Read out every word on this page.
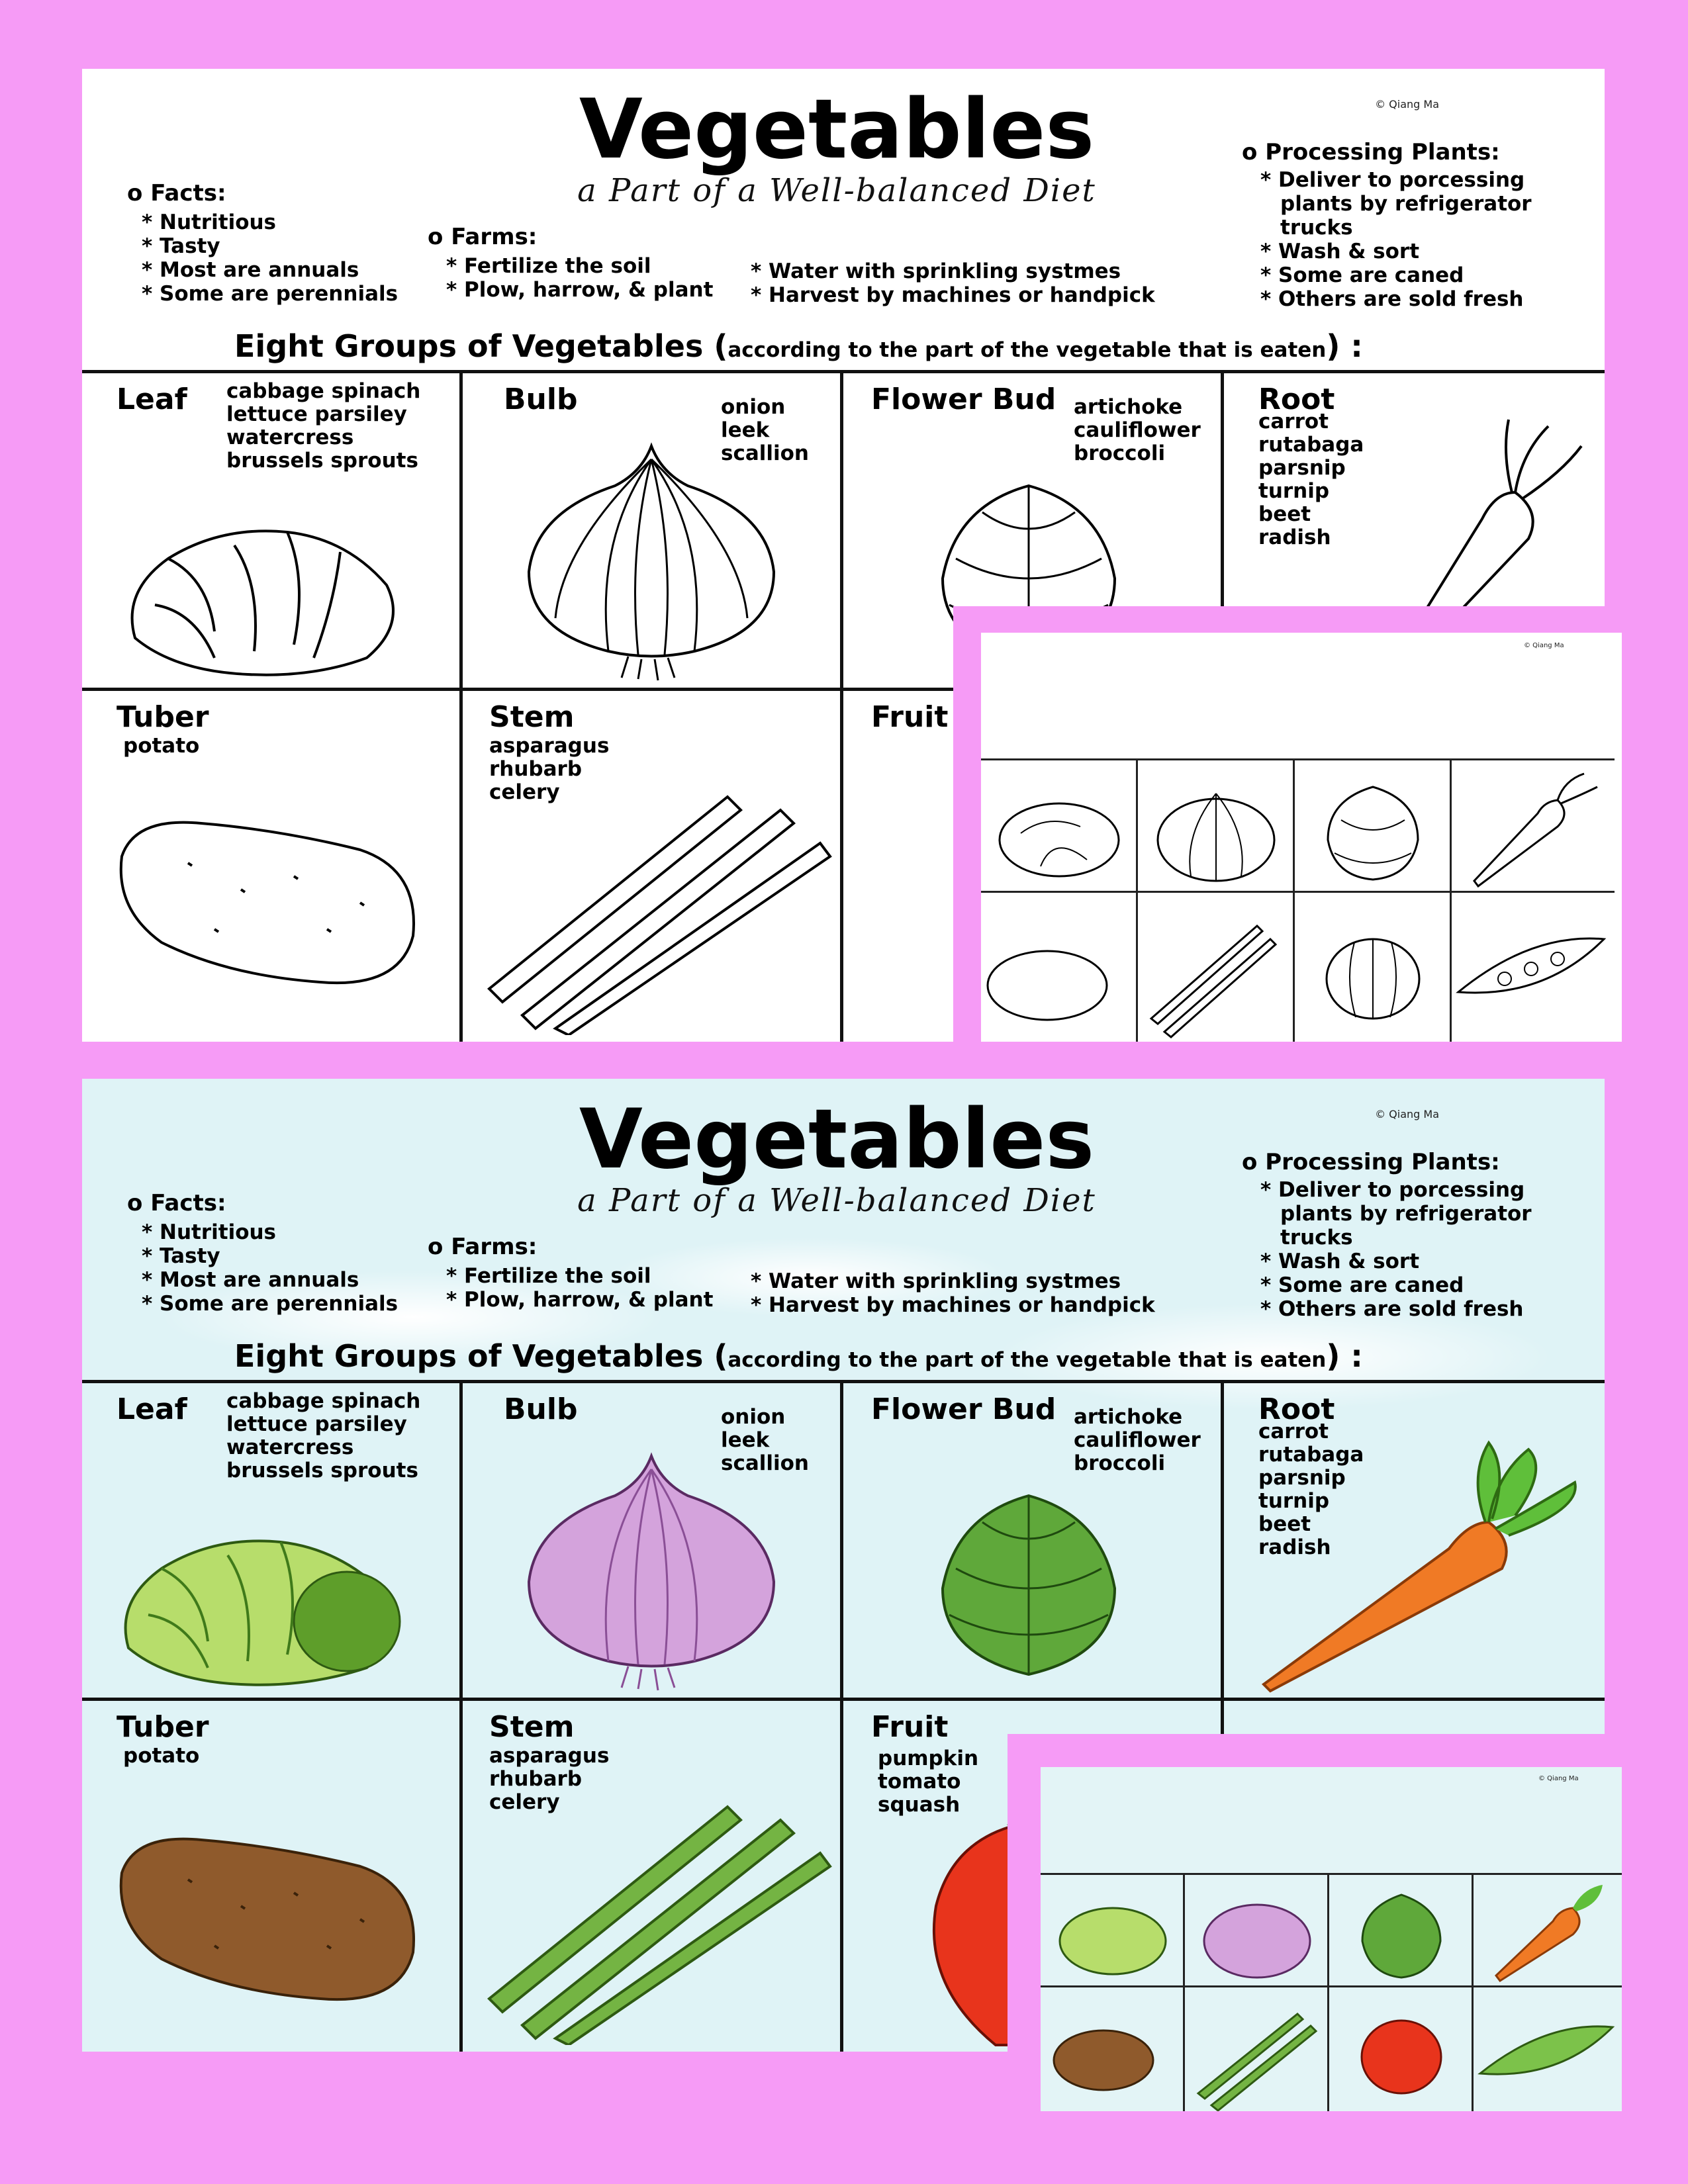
Vegetables	© Qiang Ma
a Part of a Well-balanced Diet
o Facts:
* Nutritious
* Tasty
* Most are annuals
* Some are perennials
o Farms:
* Fertilize the soil
* Plow, harrow, & plant
* Water with sprinkling systmes
* Harvest by machines or handpick
o Processing Plants:
* Deliver to porcessing
plants by refrigerator
trucks
* Wash & sort
* Some are caned
* Others are sold fresh
Eight Groups of Vegetables (according to the part of the vegetable that is eaten) :
Leaf cabbage spinach
lettuce parsiley
watercress
brussels sprouts
Bulb	onion
leek
scallion
Flower Bud artichoke
cauliflower
broccoli
Root
carrot
rutabaga
parsnip
turnip
beet
radish
Tuber
potato
Stem
asparagus
rhubarb
celery
Fruit
© Qiang Ma
Vegetables	© Qiang Ma
a Part of a Well-balanced Diet
o Facts:
* Nutritious
* Tasty
* Most are annuals
* Some are perennials
o Farms:
* Fertilize the soil
* Plow, harrow, & plant
* Water with sprinkling systmes
* Harvest by machines or handpick
o Processing Plants:
* Deliver to porcessing
plants by refrigerator
trucks
* Wash & sort
* Some are caned
* Others are sold fresh
Eight Groups of Vegetables (according to the part of the vegetable that is eaten) :
Leaf cabbage spinach
lettuce parsiley
watercress
brussels sprouts
Bulb	onion
leek
scallion
Flower Bud artichoke
cauliflower
broccoli
Root
carrot
rutabaga
parsnip
turnip
beet
radish
Tuber
potato
Stem
asparagus
rhubarb
celery
Fruit
pumpkin
tomato
squash
© Qiang Ma
